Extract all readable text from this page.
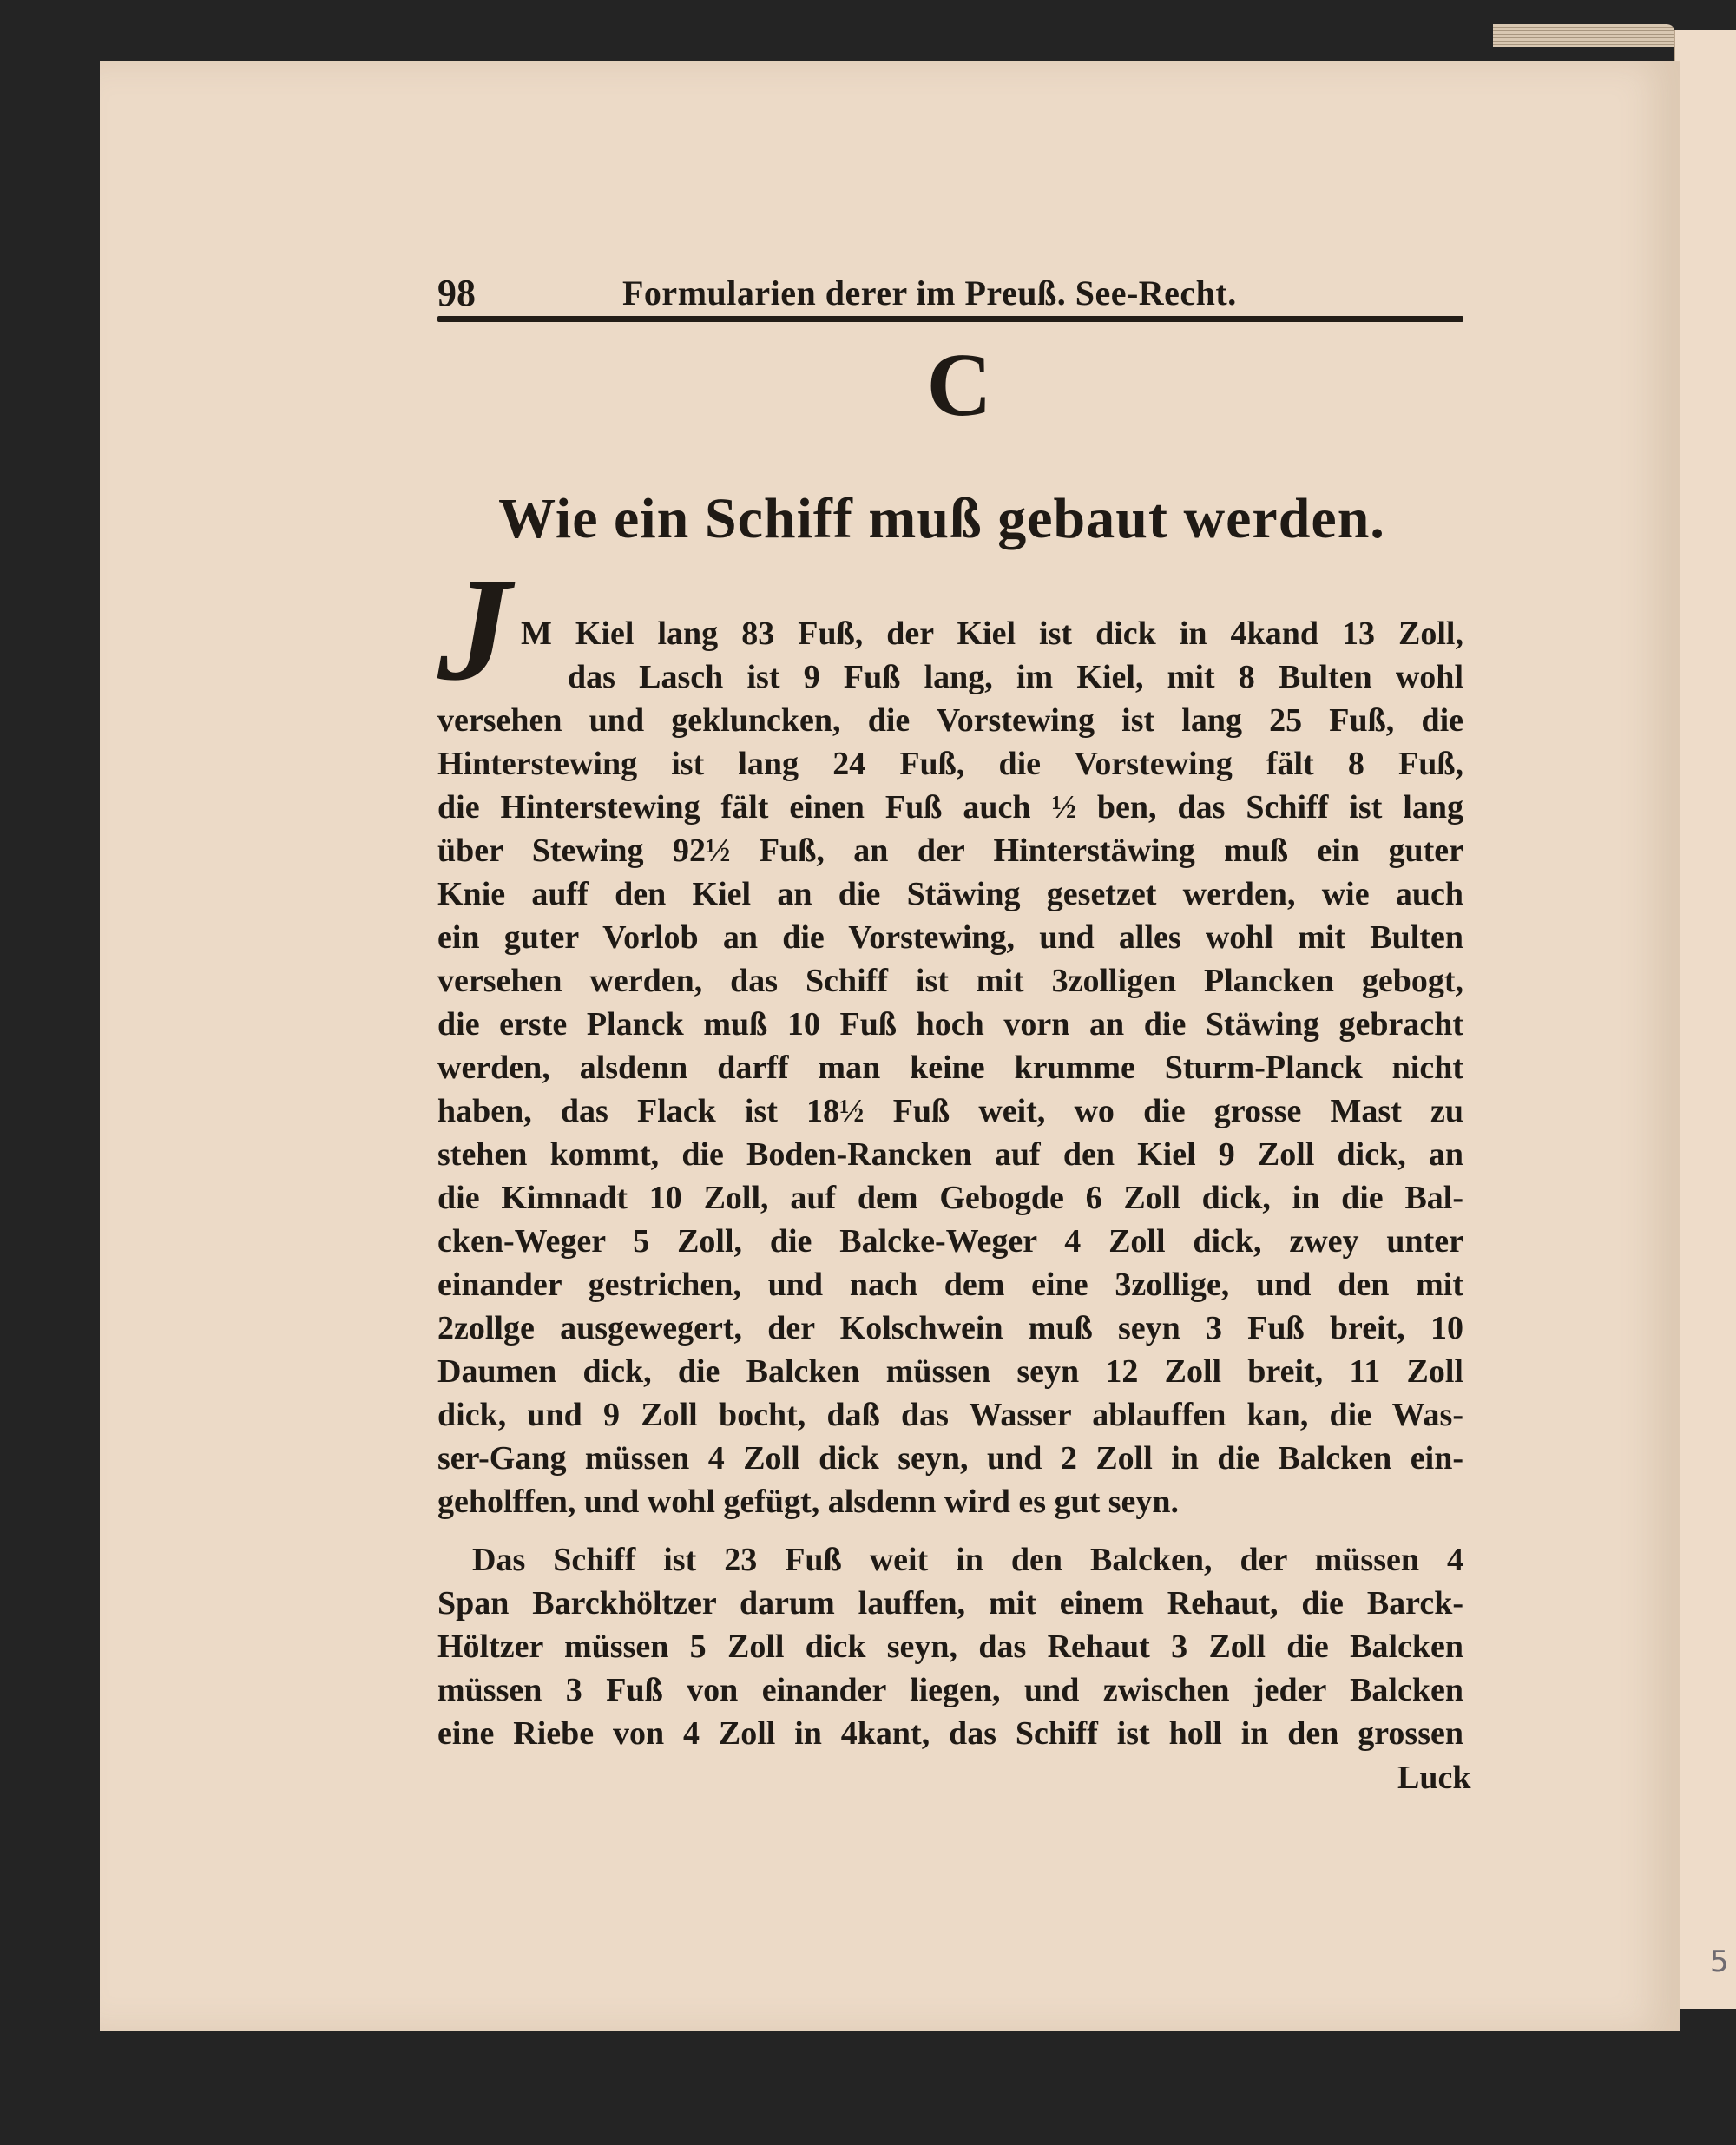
98	Formularien derer im Preuß. See-Recht.
C
Wie ein Schiff muß gebaut werden.
J M Kiel lang 83 Fuß, der Kiel ist dick in 4kand 13 Zoll,
das Lasch ist 9 Fuß lang, im Kiel, mit 8 Bulten wohl
versehen und gekluncken, die Vorstewing ist lang 25 Fuß, die
Hinterstewing ist lang 24 Fuß, die Vorstewing fält 8 Fuß,
die Hinterstewing fält einen Fuß auch ½ ben, das Schiff ist lang
über Stewing 92½ Fuß, an der Hinterstäwing muß ein guter
Knie auff den Kiel an die Stäwing gesetzet werden, wie auch
ein guter Vorlob an die Vorstewing, und alles wohl mit Bulten
versehen werden, das Schiff ist mit 3zolligen Plancken gebogt,
die erste Planck muß 10 Fuß hoch vorn an die Stäwing gebracht
werden, alsdenn darff man keine krumme Sturm-Planck nicht
haben, das Flack ist 18½ Fuß weit, wo die grosse Mast zu
stehen kommt, die Boden-Rancken auf den Kiel 9 Zoll dick, an
die Kimnadt 10 Zoll, auf dem Gebogde 6 Zoll dick, in die Bal-
cken-Weger 5 Zoll, die Balcke-Weger 4 Zoll dick, zwey unter
einander gestrichen, und nach dem eine 3zollige, und den mit
2zollge ausgewegert, der Kolschwein muß seyn 3 Fuß breit, 10
Daumen dick, die Balcken müssen seyn 12 Zoll breit, 11 Zoll
dick, und 9 Zoll bocht, daß das Wasser ablauffen kan, die Was-
ser-Gang müssen 4 Zoll dick seyn, und 2 Zoll in die Balcken ein-
geholffen, und wohl gefügt, alsdenn wird es gut seyn.
Das Schiff ist 23 Fuß weit in den Balcken, der müssen 4
Span Barckhöltzer darum lauffen, mit einem Rehaut, die Barck-
Höltzer müssen 5 Zoll dick seyn, das Rehaut 3 Zoll die Balcken
müssen 3 Fuß von einander liegen, und zwischen jeder Balcken
eine Riebe von 4 Zoll in 4kant, das Schiff ist holl in den grossen
Luck
5
